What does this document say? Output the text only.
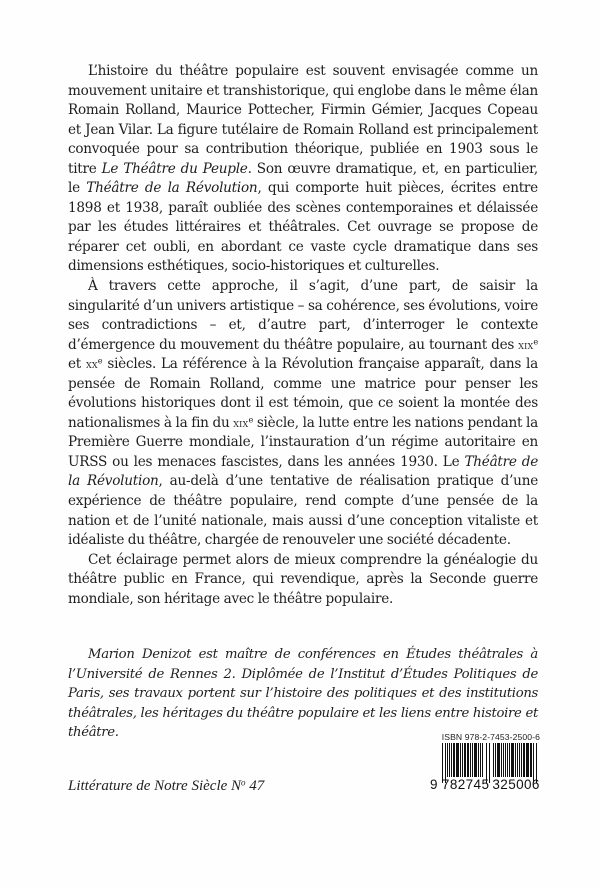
L’histoire du théâtre populaire est souvent envisagée comme un mouvement unitaire et transhistorique, qui englobe dans le même élan Romain Rolland, Maurice Pottecher, Firmin Gémier, Jacques Copeau et Jean Vilar. La figure tutélaire de Romain Rolland est principalement convoquée pour sa contribution théorique, publiée en 1903 sous le titre Le Théâtre du Peuple. Son œuvre dramatique, et, en particulier, le Théâtre de la Révolution, qui comporte huit pièces, écrites entre 1898 et 1938, paraît oubliée des scènes contemporaines et délaissée par les études littéraires et théâtrales. Cet ouvrage se propose de réparer cet oubli, en abordant ce vaste cycle dramatique dans ses dimensions esthétiques, socio-historiques et culturelles.

À travers cette approche, il s’agit, d’une part, de saisir la singularité d’un univers artistique – sa cohérence, ses évolutions, voire ses contradictions – et, d’autre part, d’interroger le contexte d’émergence du mouvement du théâtre populaire, au tournant des xix$^e$ et $xx^e$ siècles. La référence à la Révolution française apparaît, dans la pensée de Romain Rolland, comme une matrice pour penser les évolutions historiques dont il est témoin, que ce soient la montée des nationalismes à la fin du xix$^e$ siècle, la lutte entre les nations pendant la Première Guerre mondiale, l’instauration d’un régime autoritaire en URSS ou les menaces fascistes, dans les années 1930. Le Théâtre de la Révolution, au-delà d’une tentative de réalisation pratique d’une expérience de théâtre populaire, rend compte d’une pensée de la nation et de l’unité nationale, mais aussi d’une conception vitaliste et idéaliste du théâtre, chargée de renouveler une société décadente.

Cet éclairage permet alors de mieux comprendre la généalogie du théâtre public en France, qui revendique, après la Seconde guerre mondiale, son héritage avec le théâtre populaire.

Marion Denizot est maître de conférences en Études théâtrales à l’Université de Rennes 2. Diplômée de l’Institut d’Études Politiques de Paris, ses travaux portent sur l’histoire des politiques et des institutions théâtrales, les héritages du théâtre populaire et les liens entre histoire et théâtre.

Littérature de Notre Siècle $N^o$ 47
ISBN 978-2-7453-2500-6
9 782745 325006
